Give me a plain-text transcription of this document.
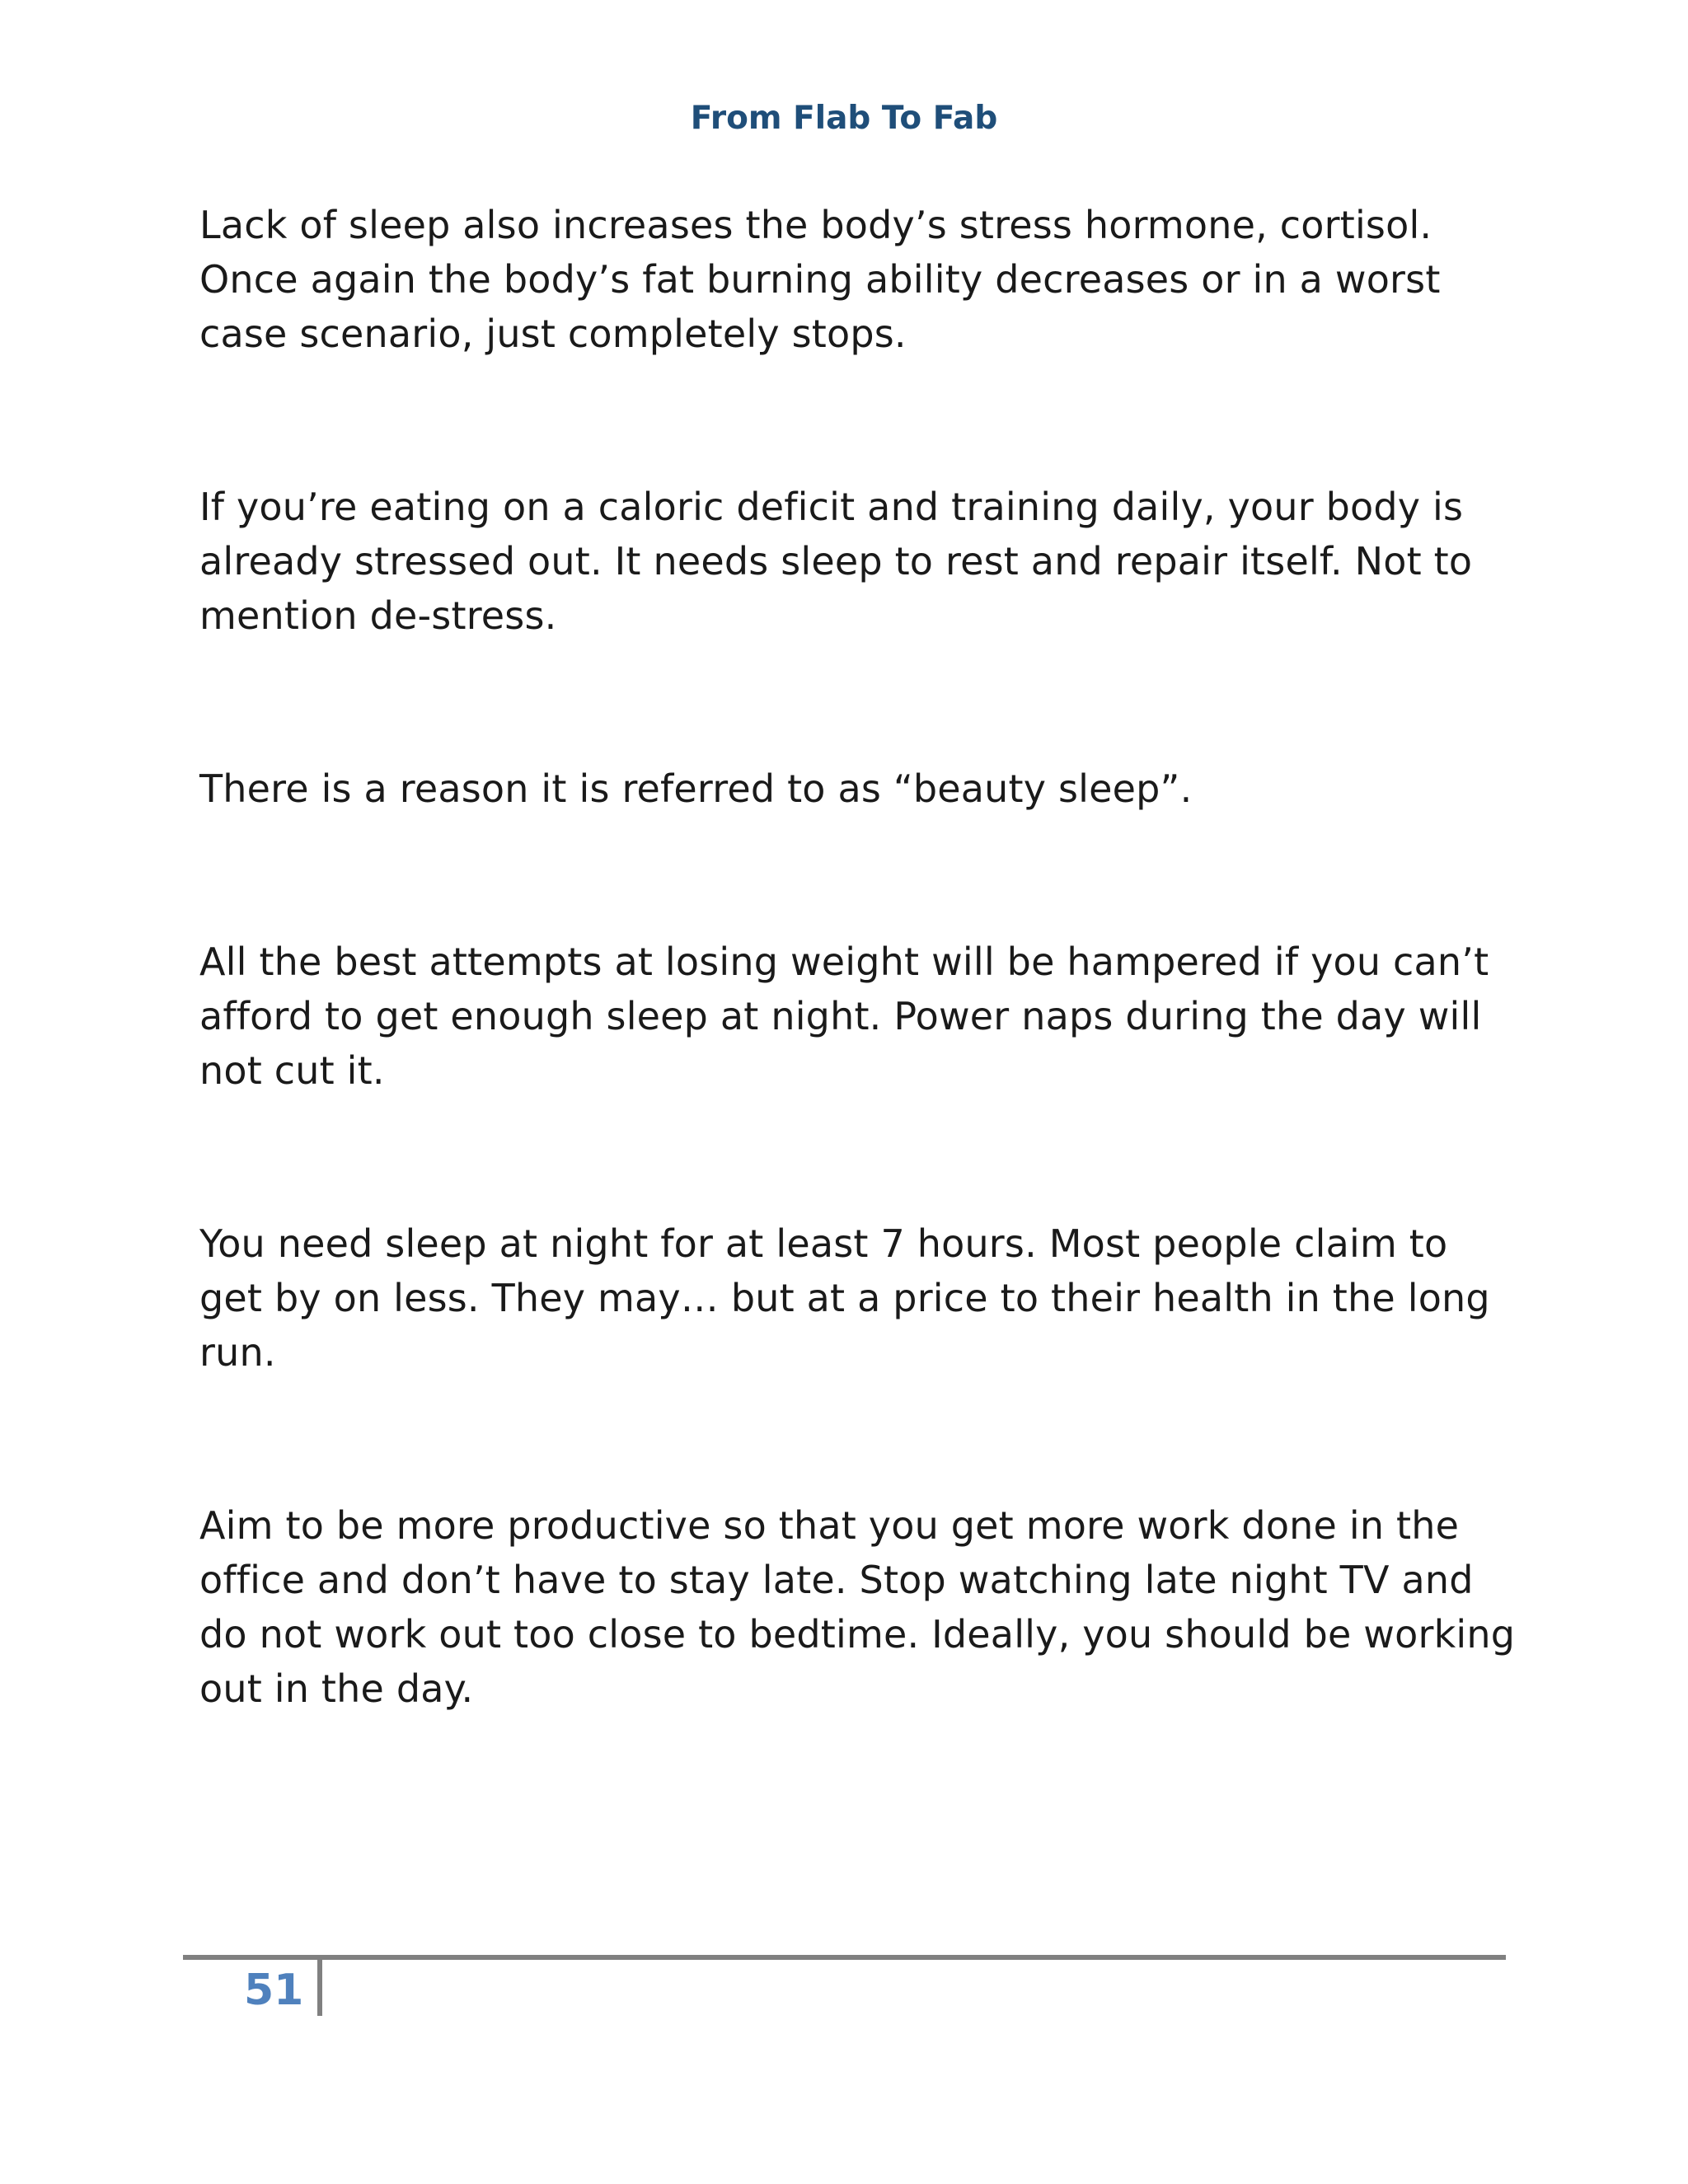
From Flab To Fab

Lack of sleep also increases the body’s stress hormone, cortisol. Once again the body’s fat burning ability decreases or in a worst case scenario, just completely stops.

If you’re eating on a caloric deficit and training daily, your body is already stressed out. It needs sleep to rest and repair itself. Not to mention de-stress.

There is a reason it is referred to as “beauty sleep”.

All the best attempts at losing weight will be hampered if you can’t afford to get enough sleep at night. Power naps during the day will not cut it.

You need sleep at night for at least 7 hours. Most people claim to get by on less. They may… but at a price to their health in the long run.

Aim to be more productive so that you get more work done in the office and don’t have to stay late. Stop watching late night TV and do not work out too close to bedtime. Ideally, you should be working out in the day.

51
